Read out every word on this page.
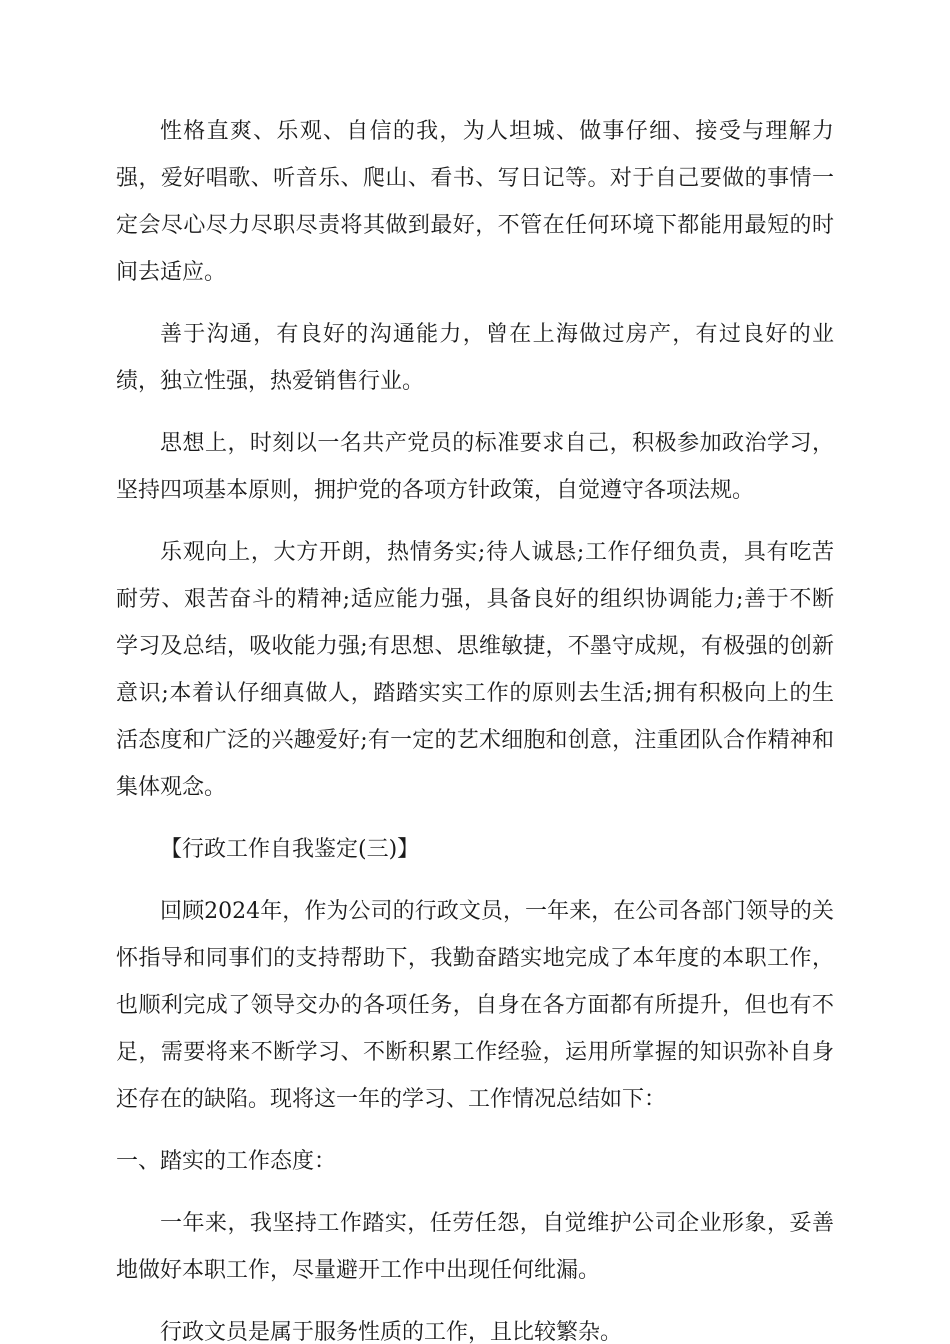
性格直爽、乐观、自信的我，为人坦城、做事仔细、接受与理解力强，爱好唱歌、听音乐、爬山、看书、写日记等。对于自己要做的事情一定会尽心尽力尽职尽责将其做到最好，不管在任何环境下都能用最短的时间去适应。

善于沟通，有良好的沟通能力，曾在上海做过房产，有过良好的业绩，独立性强，热爱销售行业。

思想上，时刻以一名共产党员的标准要求自己，积极参加政治学习，坚持四项基本原则，拥护党的各项方针政策，自觉遵守各项法规。

乐观向上，大方开朗，热情务实;待人诚恳;工作仔细负责，具有吃苦耐劳、艰苦奋斗的精神;适应能力强，具备良好的组织协调能力;善于不断学习及总结，吸收能力强;有思想、思维敏捷，不墨守成规，有极强的创新意识;本着认仔细真做人，踏踏实实工作的原则去生活;拥有积极向上的生活态度和广泛的兴趣爱好;有一定的艺术细胞和创意，注重团队合作精神和集体观念。

【行政工作自我鉴定(三)】

回顾2024年，作为公司的行政文员，一年来，在公司各部门领导的关怀指导和同事们的支持帮助下，我勤奋踏实地完成了本年度的本职工作，也顺利完成了领导交办的各项任务，自身在各方面都有所提升，但也有不足，需要将来不断学习、不断积累工作经验，运用所掌握的知识弥补自身还存在的缺陷。现将这一年的学习、工作情况总结如下：

一、踏实的工作态度：

一年来，我坚持工作踏实，任劳任怨，自觉维护公司企业形象，妥善地做好本职工作，尽量避开工作中出现任何纰漏。

行政文员是属于服务性质的工作，且比较繁杂。
